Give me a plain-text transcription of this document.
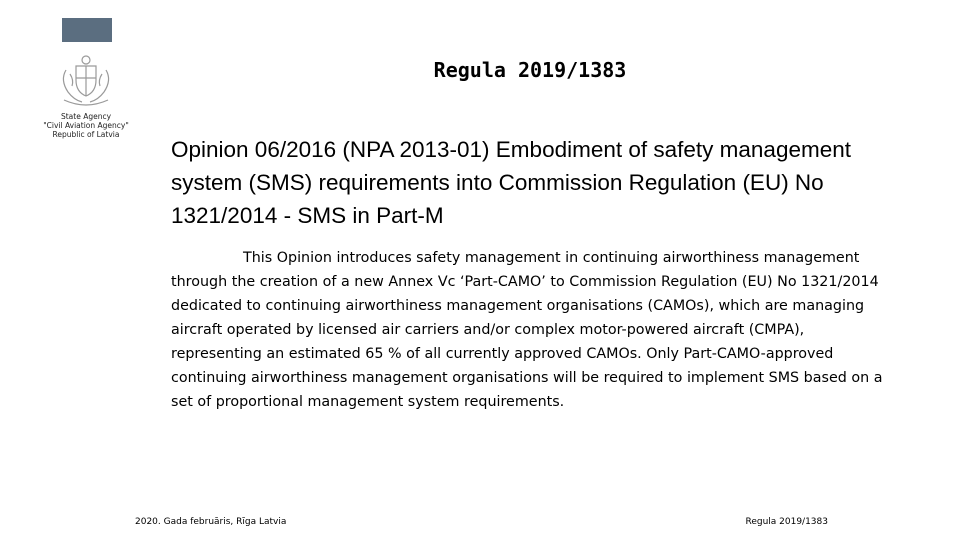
State Agency
"Civil Aviation Agency"
Republic of Latvia
Regula 2019/1383
Opinion 06/2016 (NPA 2013-01) Embodiment of safety management system (SMS) requirements into Commission Regulation (EU) No 1321/2014 - SMS in Part-M
This Opinion introduces safety management in continuing airworthiness management through the creation of a new Annex Vc ‘Part-CAMO’ to Commission Regulation (EU) No 1321/2014 dedicated to continuing airworthiness management organisations (CAMOs), which are managing aircraft operated by licensed air carriers and/or complex motor-powered aircraft (CMPA), representing an estimated 65 % of all currently approved CAMOs. Only Part-CAMO-approved continuing airworthiness management organisations will be required to implement SMS based on a set of proportional management system requirements.
2020. Gada februāris, Rīga Latvia	Regula 2019/1383
